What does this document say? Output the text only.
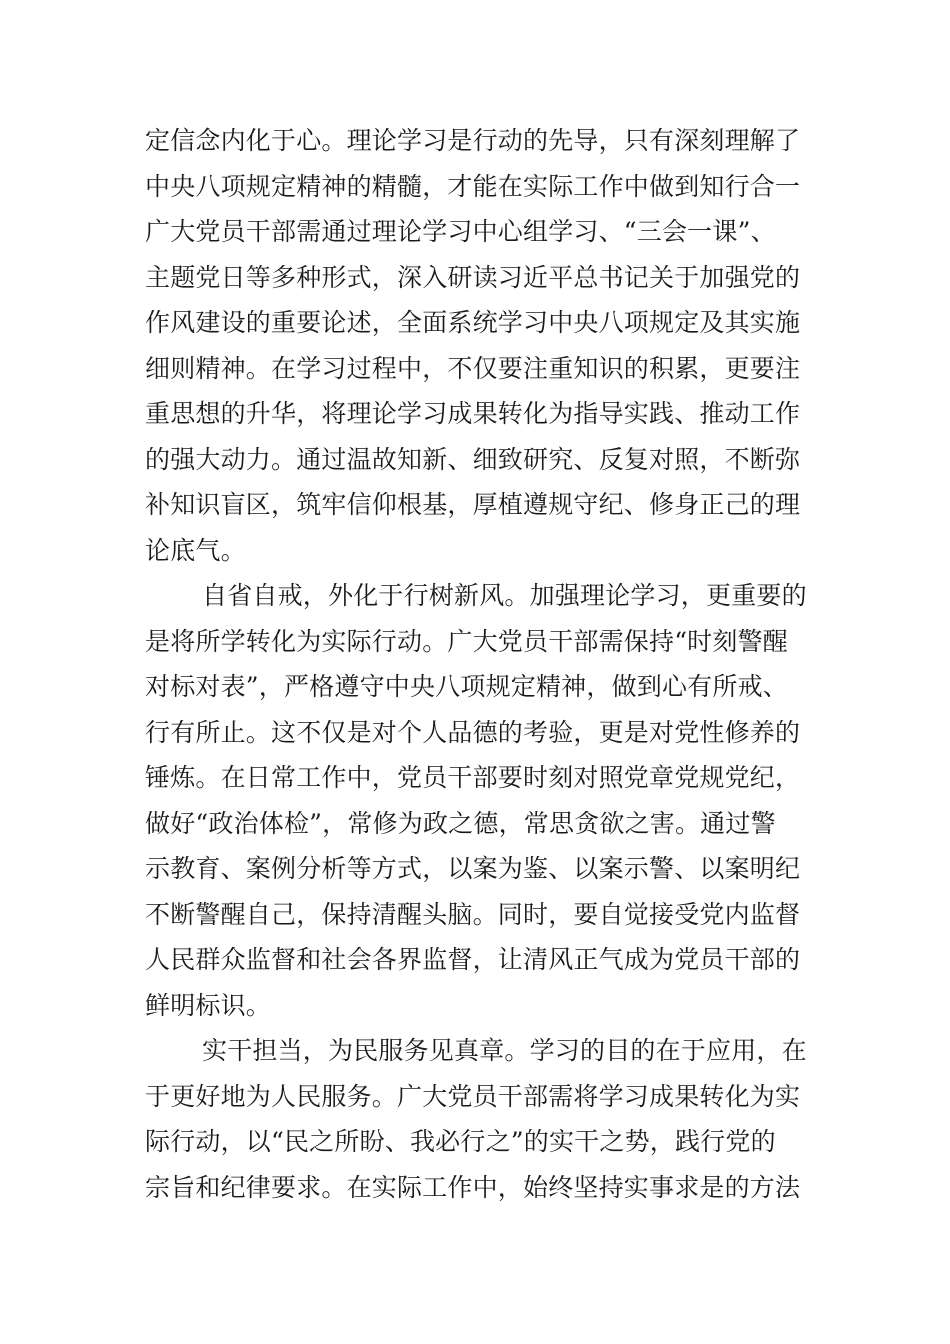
定信念内化于心。理论学习是行动的先导，只有深刻理解了
中央八项规定精神的精髓，才能在实际工作中做到知行合一
广大党员干部需通过理论学习中心组学习、“三会一课”、
主题党日等多种形式，深入研读习近平总书记关于加强党的
作风建设的重要论述，全面系统学习中央八项规定及其实施
细则精神。在学习过程中，不仅要注重知识的积累，更要注
重思想的升华，将理论学习成果转化为指导实践、推动工作
的强大动力。通过温故知新、细致研究、反复对照，不断弥
补知识盲区，筑牢信仰根基，厚植遵规守纪、修身正己的理
论底气。
自省自戒，外化于行树新风。加强理论学习，更重要的
是将所学转化为实际行动。广大党员干部需保持“时刻警醒
对标对表”，严格遵守中央八项规定精神，做到心有所戒、
行有所止。这不仅是对个人品德的考验，更是对党性修养的
锤炼。在日常工作中，党员干部要时刻对照党章党规党纪，
做好“政治体检”，常修为政之德，常思贪欲之害。通过警
示教育、案例分析等方式，以案为鉴、以案示警、以案明纪
不断警醒自己，保持清醒头脑。同时，要自觉接受党内监督
人民群众监督和社会各界监督，让清风正气成为党员干部的
鲜明标识。
实干担当，为民服务见真章。学习的目的在于应用，在
于更好地为人民服务。广大党员干部需将学习成果转化为实
际行动，以“民之所盼、我必行之”的实干之势，践行党的
宗旨和纪律要求。在实际工作中，始终坚持实事求是的方法
